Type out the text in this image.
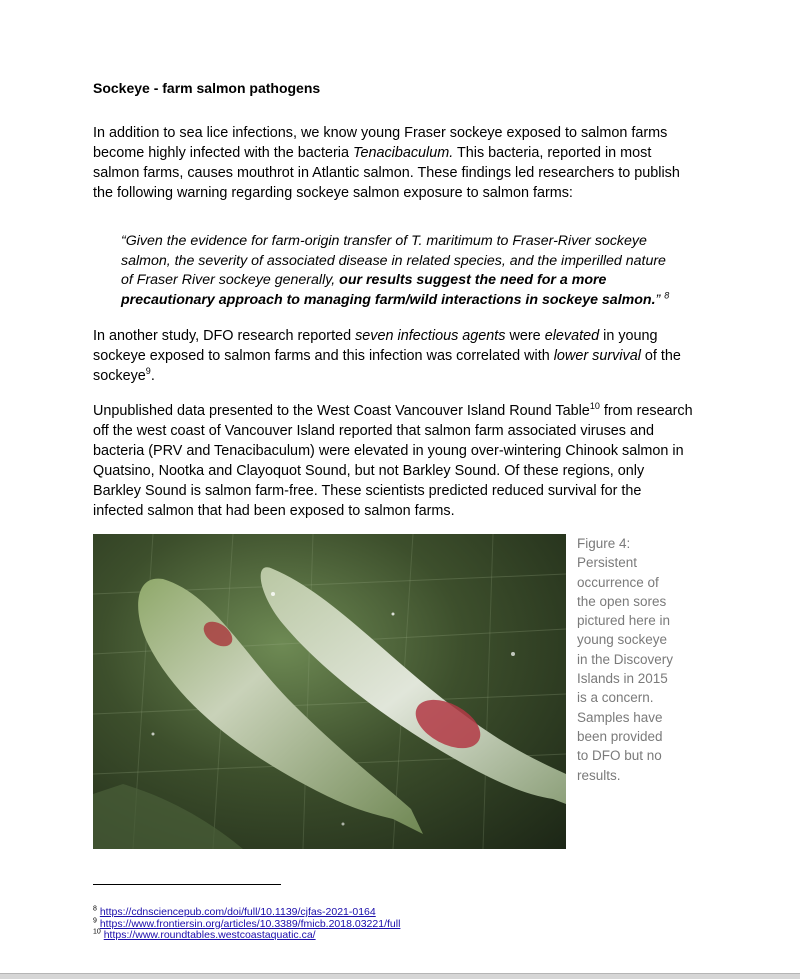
Sockeye - farm salmon pathogens
In addition to sea lice infections, we know young Fraser sockeye exposed to salmon farms become highly infected with the bacteria Tenacibaculum. This bacteria, reported in most salmon farms, causes mouthrot in Atlantic salmon. These findings led researchers to publish the following warning regarding sockeye salmon exposure to salmon farms:
“Given the evidence for farm-origin transfer of T. maritimum to Fraser-River sockeye salmon, the severity of associated disease in related species, and the imperilled nature of Fraser River sockeye generally, our results suggest the need for a more precautionary approach to managing farm/wild interactions in sockeye salmon.” $^8$
In another study, DFO research reported seven infectious agents were elevated in young sockeye exposed to salmon farms and this infection was correlated with lower survival of the sockeye$^9$.
Unpublished data presented to the West Coast Vancouver Island Round Table$^{10}$ from research off the west coast of Vancouver Island reported that salmon farm associated viruses and bacteria (PRV and Tenacibaculum) were elevated in young over-wintering Chinook salmon in Quatsino, Nootka and Clayoquot Sound, but not Barkley Sound. Of these regions, only Barkley Sound is salmon farm-free. These scientists predicted reduced survival for the infected salmon that had been exposed to salmon farms.
Figure 4: Persistent occurrence of the open sores pictured here in young sockeye in the Discovery Islands in 2015 is a concern. Samples have been provided to DFO but no results.
$^8$ https://cdnsciencepub.com/doi/full/10.1139/cjfas-2021-0164
$^9$ https://www.frontiersin.org/articles/10.3389/fmicb.2018.03221/full
$^{10}$ https://www.roundtables.westcoastaquatic.ca/
